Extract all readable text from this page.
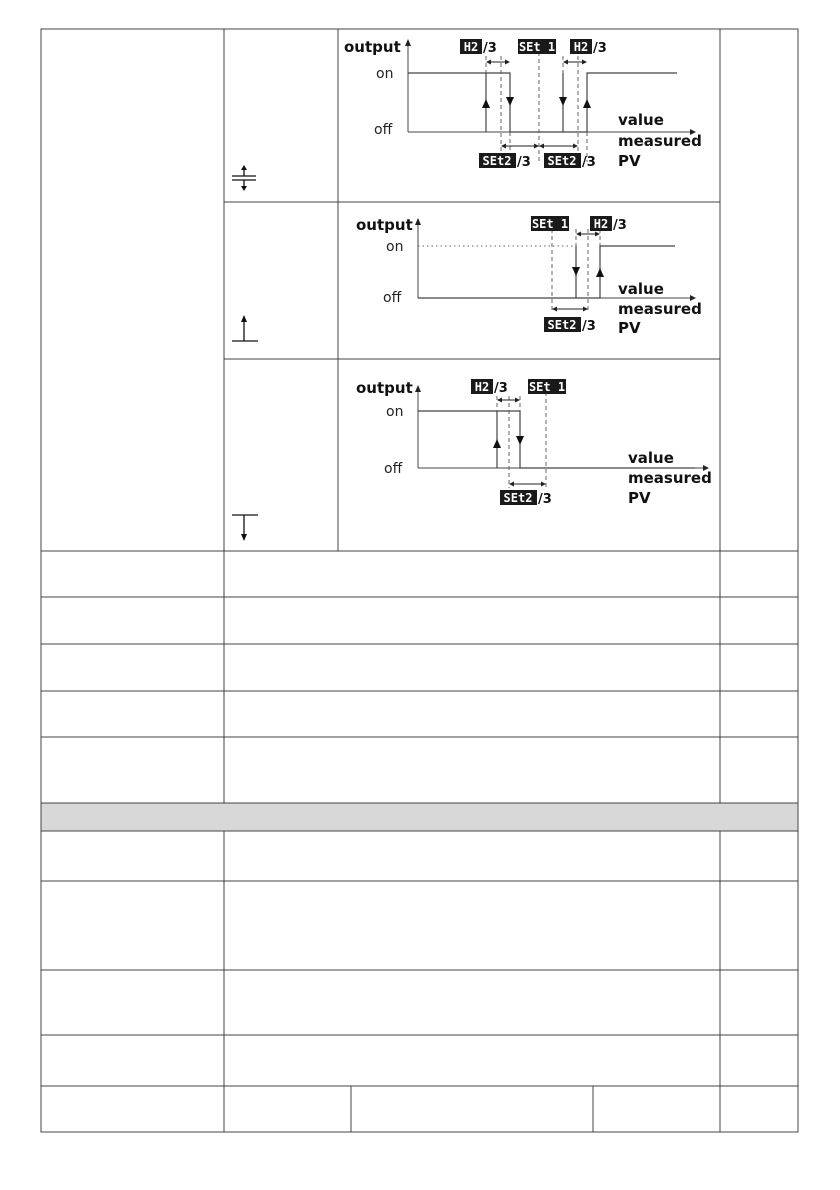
output
on
off
value
measured
PV
H2 /3 SEt 1 H2 /3
SEt2 /3 SEt2 /3
output
on
off	value
measured
PV
SEt 1 H2 /3
SEt2 /3
output
on
off
value
measured
PV
H2 /3 SEt 1
SEt2 /3
